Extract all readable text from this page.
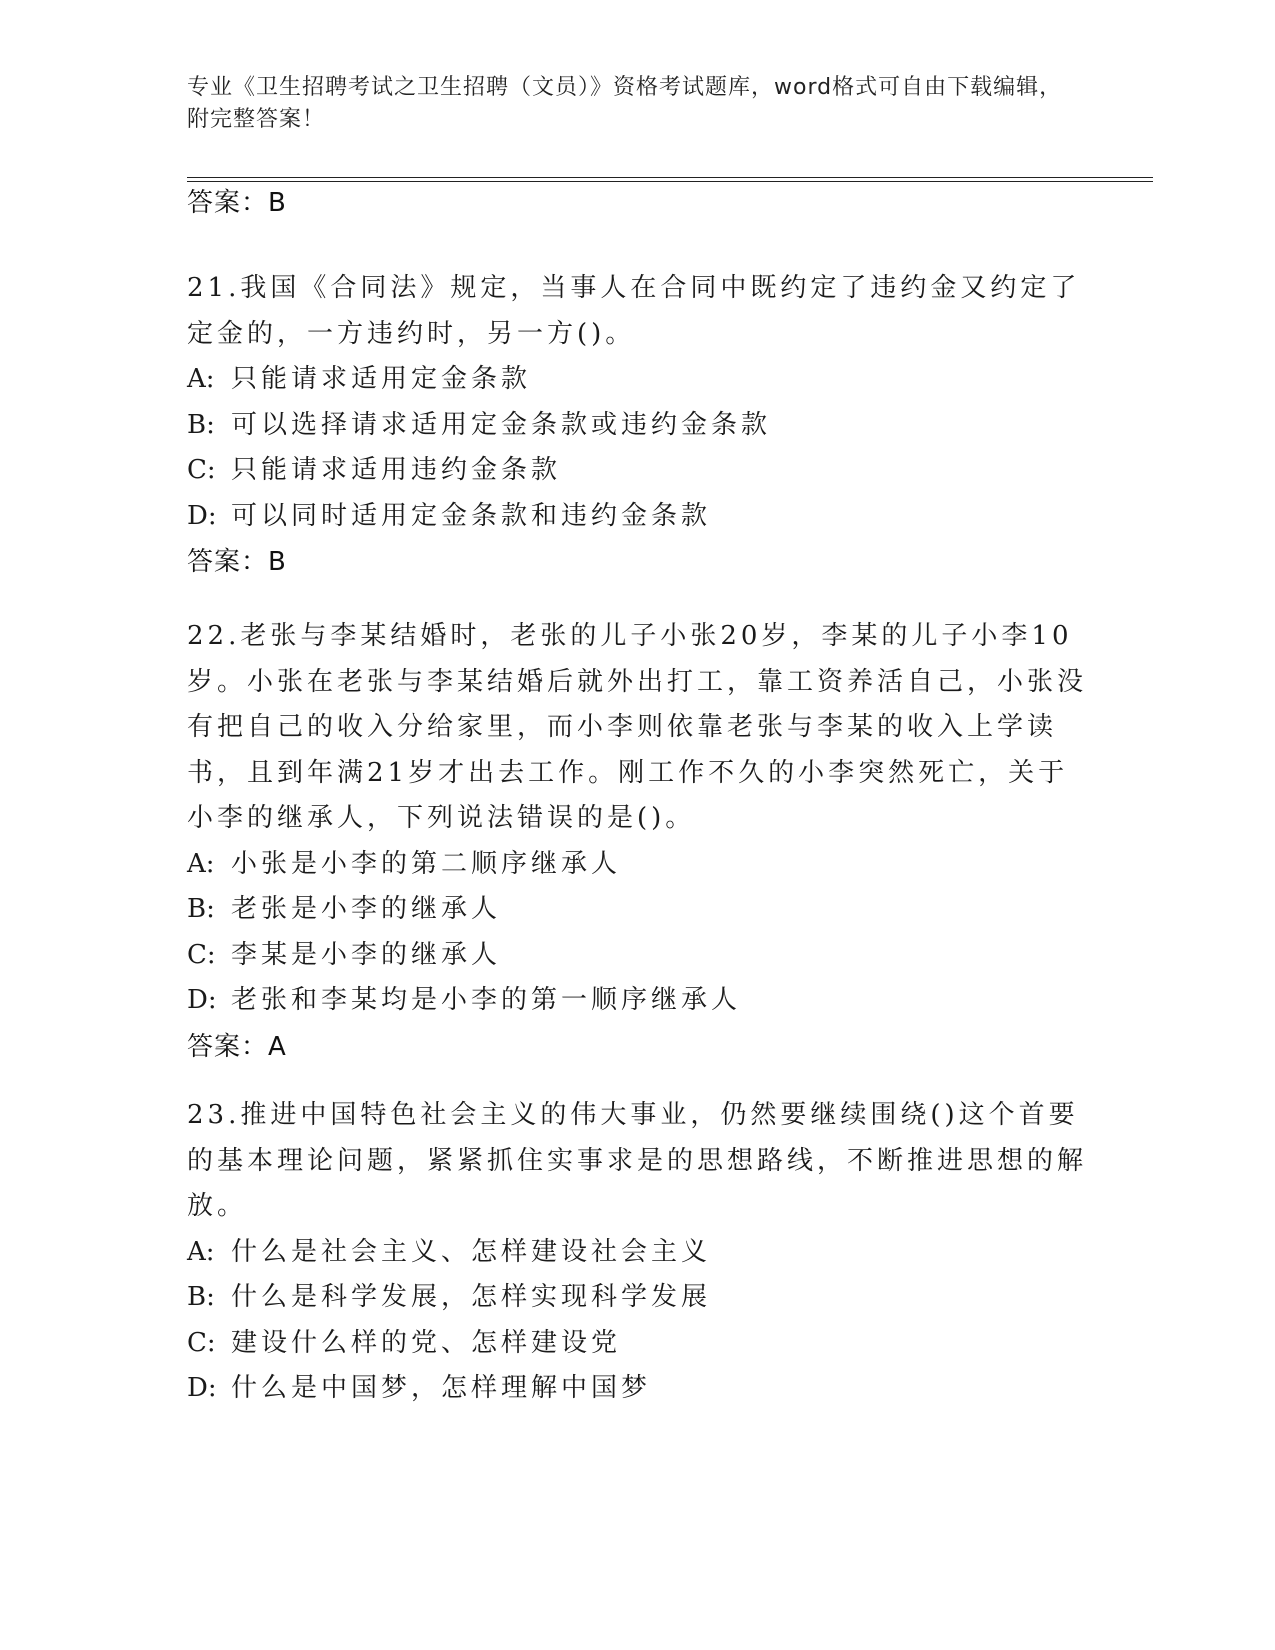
专业《卫生招聘考试之卫生招聘（文员）》资格考试题库，word格式可自由下载编辑，附完整答案！
答案：B
21.我国《合同法》规定，当事人在合同中既约定了违约金又约定了定金的，一方违约时，另一方()。
A: 只能请求适用定金条款
B: 可以选择请求适用定金条款或违约金条款
C: 只能请求适用违约金条款
D: 可以同时适用定金条款和违约金条款
答案：B
22.老张与李某结婚时，老张的儿子小张20岁，李某的儿子小李10岁。小张在老张与李某结婚后就外出打工，靠工资养活自己，小张没有把自己的收入分给家里，而小李则依靠老张与李某的收入上学读书，且到年满21岁才出去工作。刚工作不久的小李突然死亡，关于小李的继承人，下列说法错误的是()。
A: 小张是小李的第二顺序继承人
B: 老张是小李的继承人
C: 李某是小李的继承人
D: 老张和李某均是小李的第一顺序继承人
答案：A
23.推进中国特色社会主义的伟大事业，仍然要继续围绕()这个首要的基本理论问题，紧紧抓住实事求是的思想路线，不断推进思想的解放。
A: 什么是社会主义、怎样建设社会主义
B: 什么是科学发展，怎样实现科学发展
C: 建设什么样的党、怎样建设党
D: 什么是中国梦，怎样理解中国梦
